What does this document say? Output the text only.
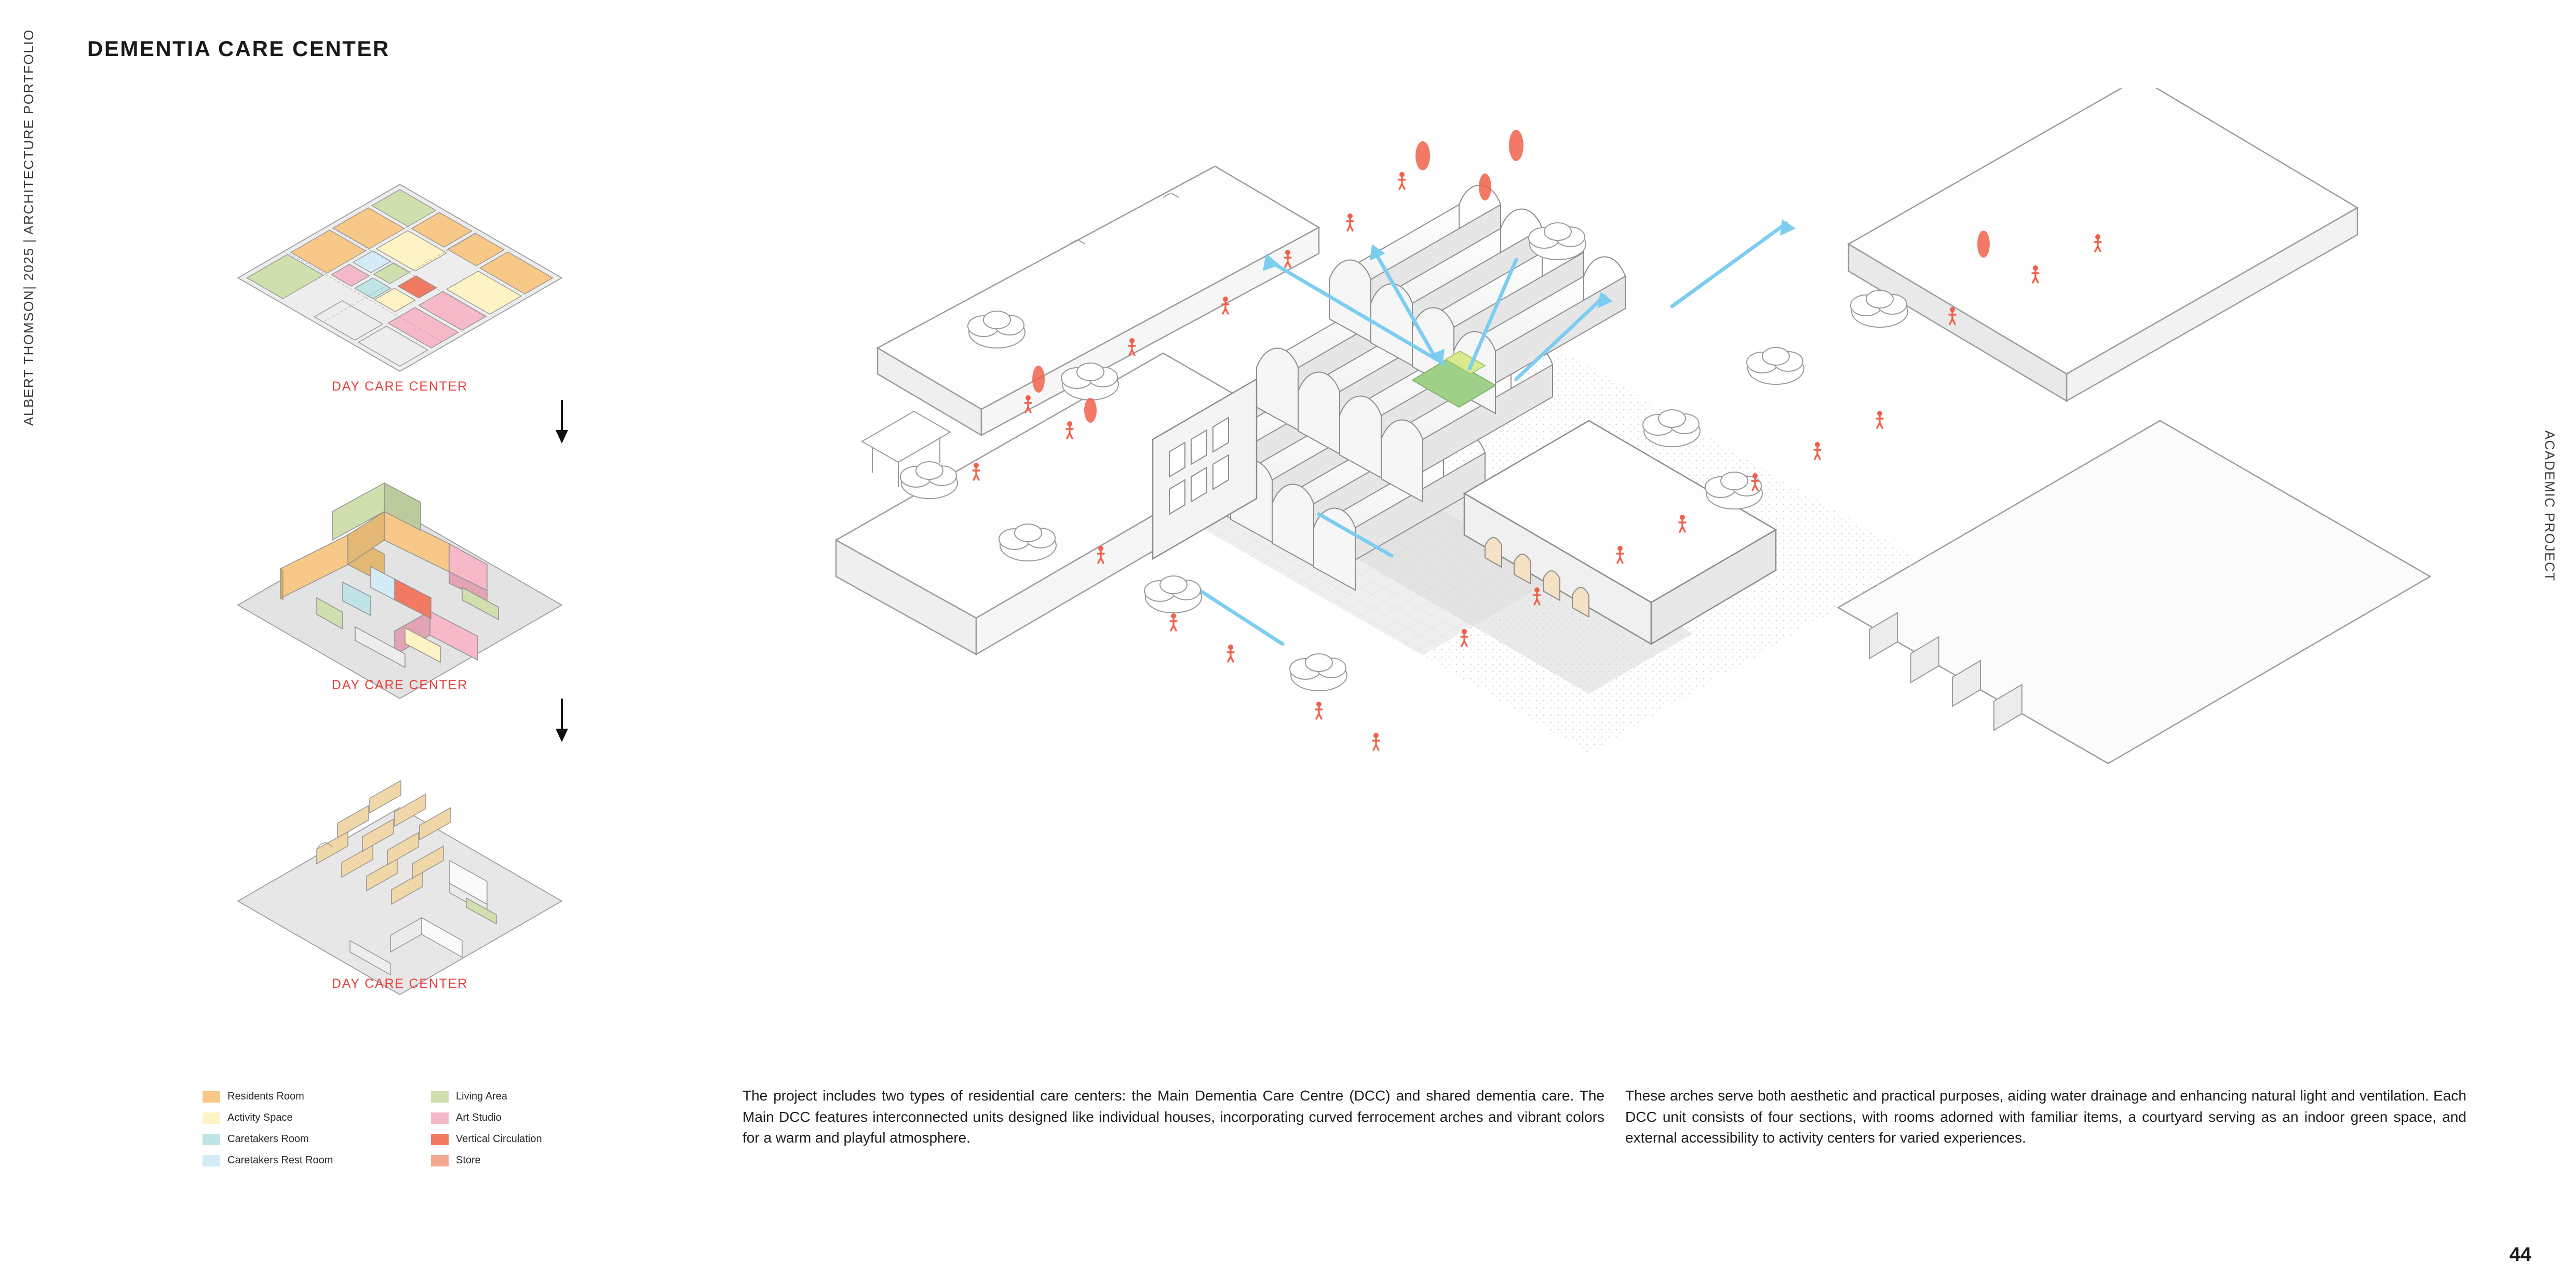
DEMENTIA CARE CENTER
ALBERT THOMSON| 2025 | ARCHITECTURE PORTFOLIO
ACADEMIC PROJECT
DAY CARE CENTER
DAY CARE CENTER
DAY CARE CENTER
Residents Room	Living Area
Activity Space	Art Studio
Caretakers Room	Vertical Circulation
Caretakers Rest Room	Store
The project includes two types of residential care centers: the Main Dementia Care Centre (DCC) and shared dementia care. The Main DCC features interconnected units designed like individual houses, incorporating curved ferrocement arches and vibrant colors for a warm and playful atmosphere.
These arches serve both aesthetic and practical purposes, aiding water drainage and enhancing natural light and ventilation. Each DCC unit consists of four sections, with rooms adorned with familiar items, a courtyard serving as an indoor green space, and external accessibility to activity centers for varied experiences.
44
